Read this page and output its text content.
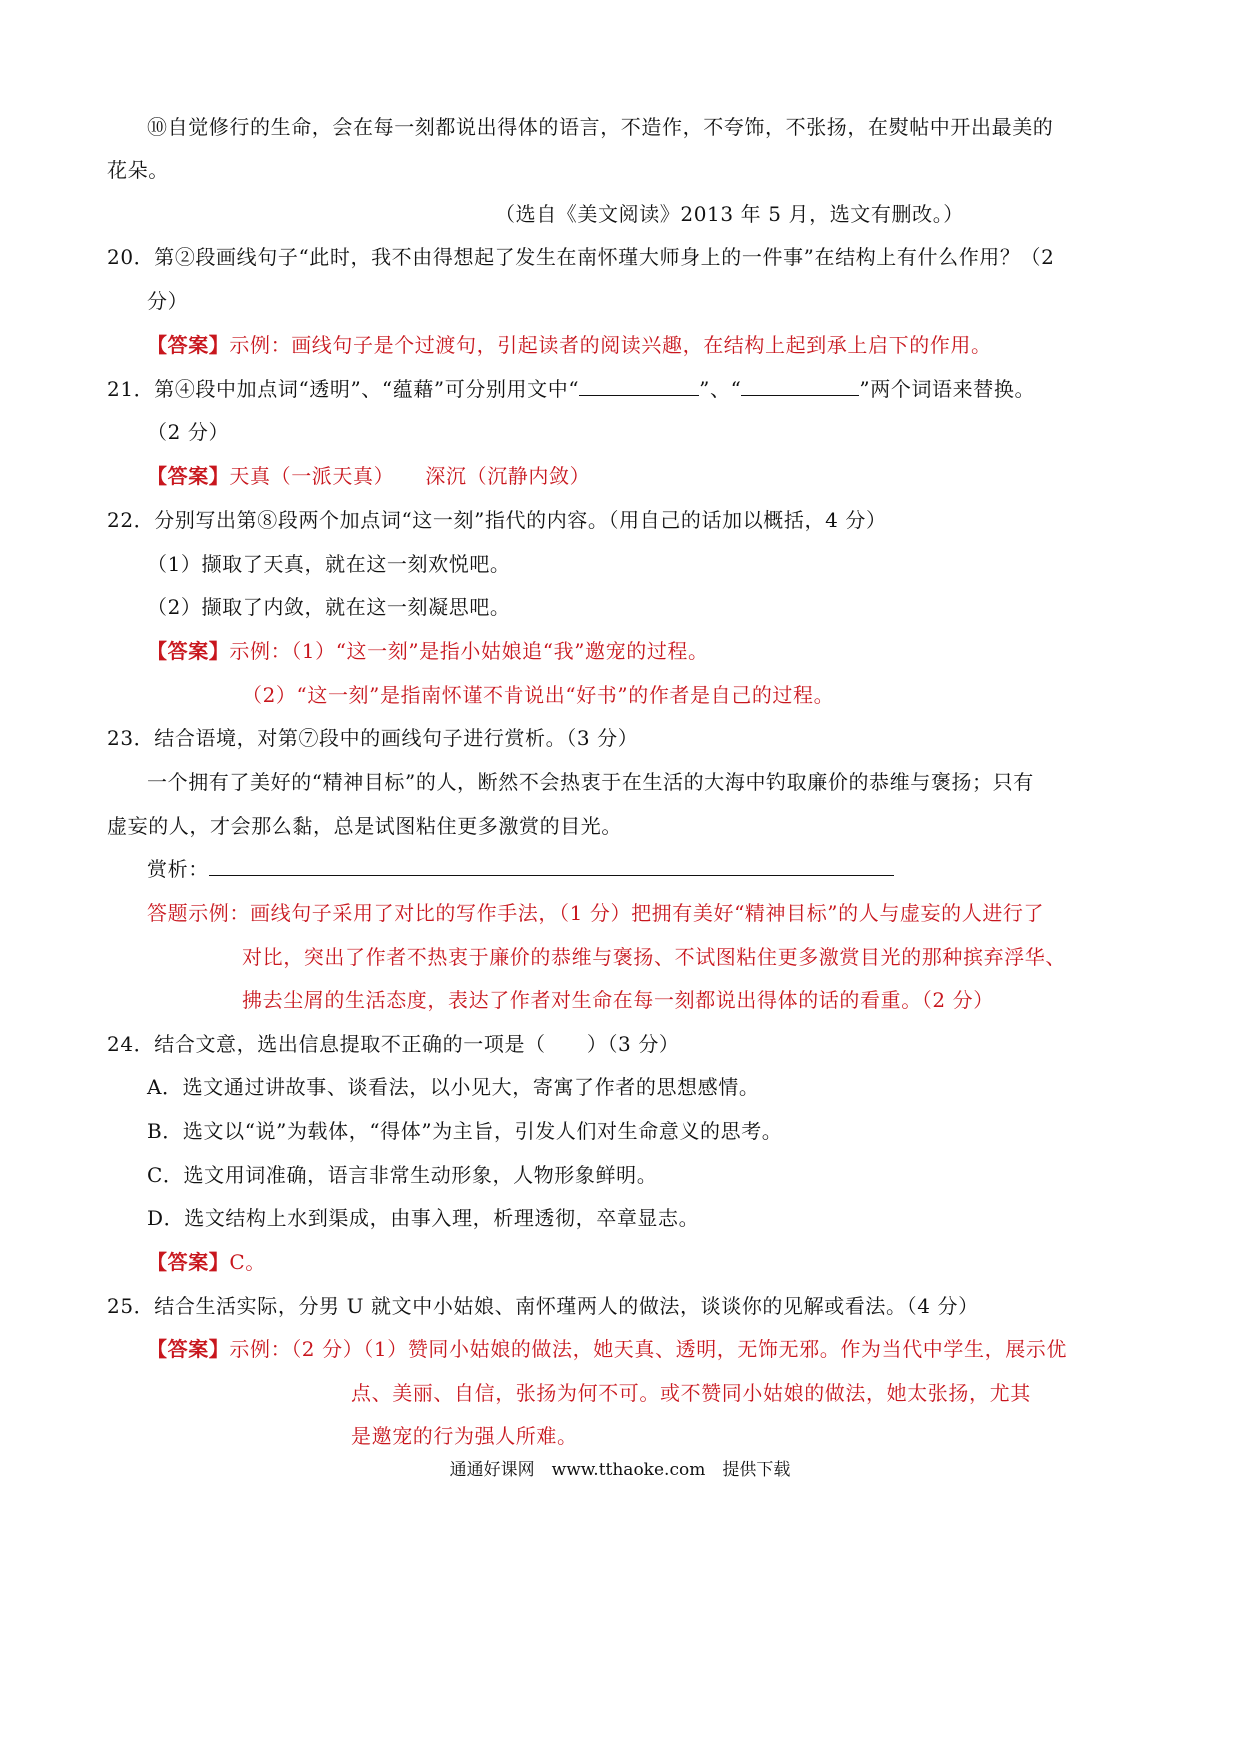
⑩自觉修行的生命，会在每一刻都说出得体的语言，不造作，不夸饰，不张扬，在熨帖中开出最美的
花朵。
（选自《美文阅读》2013 年 5 月，选文有删改。）
20．第②段画线句子“此时，我不由得想起了发生在南怀瑾大师身上的一件事”在结构上有什么作用？（2
分）
【答案】示例：画线句子是个过渡句，引起读者的阅读兴趣，在结构上起到承上启下的作用。
21．第④段中加点词“透明”、“蕴藉”可分别用文中“	”、“	”两个词语来替换。
（2 分）
【答案】天真（一派天真）　　深沉（沉静内敛）
22．分别写出第⑧段两个加点词“这一刻”指代的内容。（用自己的话加以概括，4 分）
（1）撷取了天真，就在这一刻欢悦吧。
（2）撷取了内敛，就在这一刻凝思吧。
【答案】示例：（1）“这一刻”是指小姑娘追“我”邀宠的过程。
（2）“这一刻”是指南怀谨不肯说出“好书”的作者是自己的过程。
23．结合语境，对第⑦段中的画线句子进行赏析。（3 分）
一个拥有了美好的“精神目标”的人，断然不会热衷于在生活的大海中钓取廉价的恭维与褒扬；只有
虚妄的人，才会那么黏，总是试图粘住更多激赏的目光。
赏析：
答题示例：画线句子采用了对比的写作手法，（1 分）把拥有美好“精神目标”的人与虚妄的人进行了
对比，突出了作者不热衷于廉价的恭维与褒扬、不试图粘住更多激赏目光的那种摈弃浮华、
拂去尘屑的生活态度，表达了作者对生命在每一刻都说出得体的话的看重。（2 分）
24．结合文意，选出信息提取不正确的一项是（　　）（3 分）
A．选文通过讲故事、谈看法，以小见大，寄寓了作者的思想感情。
B．选文以“说”为载体，“得体”为主旨，引发人们对生命意义的思考。
C．选文用词准确，语言非常生动形象，人物形象鲜明。
D．选文结构上水到渠成，由事入理，析理透彻，卒章显志。
【答案】C。
25．结合生活实际，分男 U 就文中小姑娘、南怀瑾两人的做法，谈谈你的见解或看法。（4 分）
【答案】示例：（2 分）（1）赞同小姑娘的做法，她天真、透明，无饰无邪。作为当代中学生，展示优
点、美丽、自信，张扬为何不可。或不赞同小姑娘的做法，她太张扬，尤其
是邀宠的行为强人所难。
通通好课网　www.tthaoke.com　提供下载
